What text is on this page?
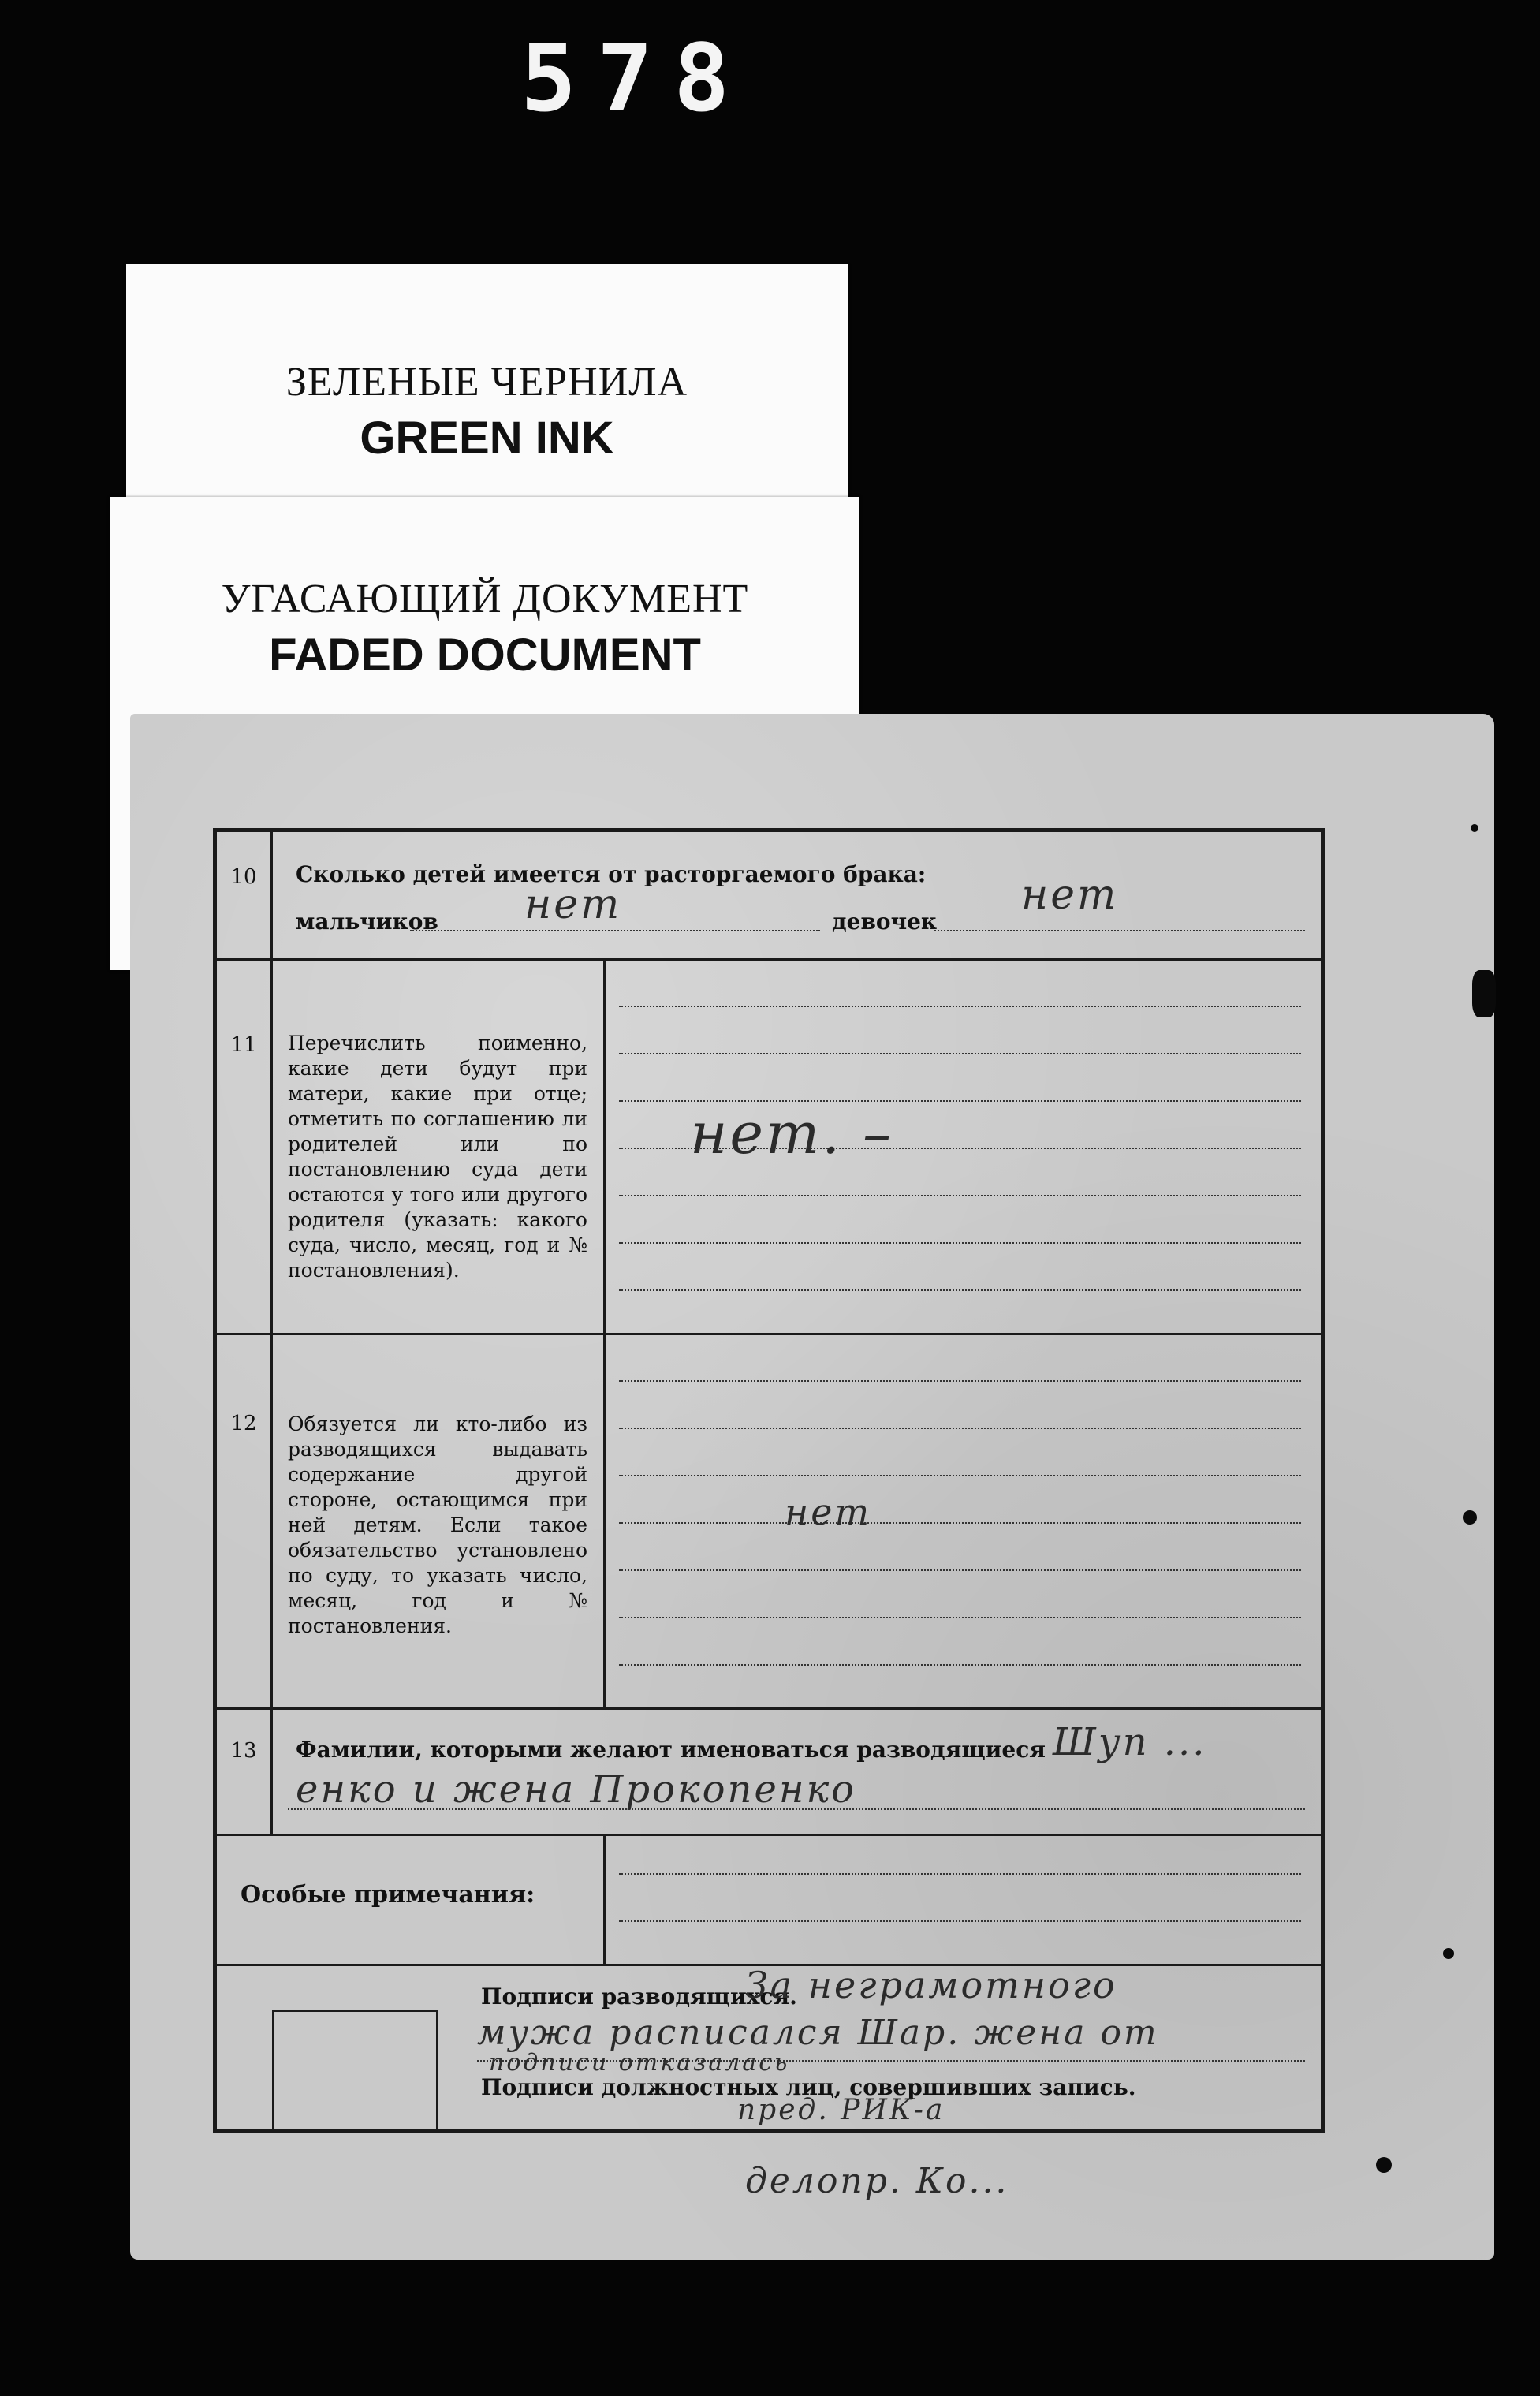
578
ЗЕЛЕНЫЕ ЧЕРНИЛА
GREEN INK
УГАСАЮЩИЙ ДОКУМЕНТ
FADED DOCUMENT
10	Сколько детей имеется от расторгаемого брака:
мальчиков	нет	девочек
нет
11	Перечислить поименно, какие дети будут при матери, какие при отце; отметить по соглашению ли родителей или по постановлению суда дети остаются у того или другого родителя (указать: какого суда, число, месяц, год и № постановления).
нет. –
12	Обязуется ли кто-либо из разводящихся выдавать содержание другой стороне, остающимся при ней детям. Если такое обязательство установлено по суду, то указать число, месяц, год и № постановления.
нет
13	Фамилии, которыми желают именоваться разводящиеся Шуп ...
енко и жена Прокопенко
Особые примечания:
Подписи разводящихся.
За неграмотного
мужа расписался Шар. жена от
подписи отказалась
Подписи должностных лиц, совершивших запись.
пред. РИК-а
делопр. Ко...
